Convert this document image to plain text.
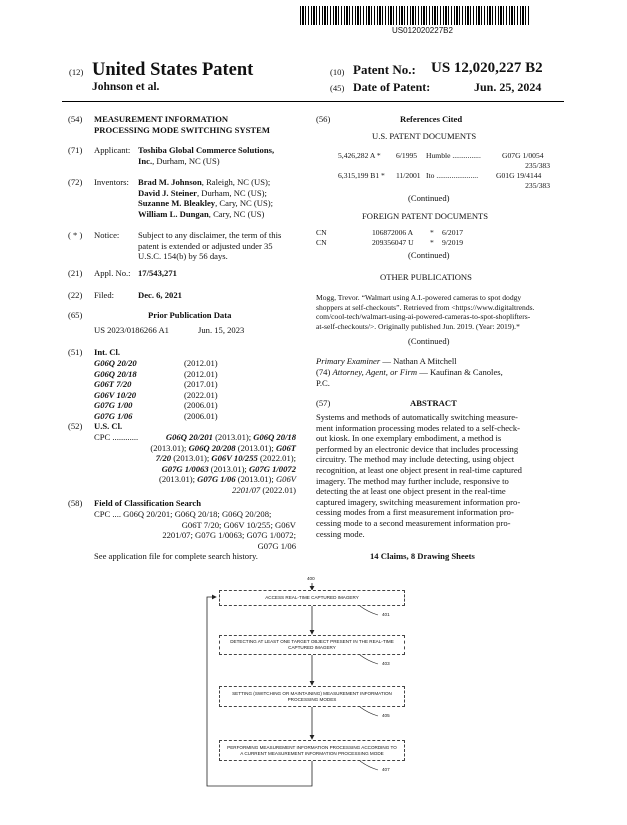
US012020227B2
(12) United States Patent
Johnson et al.
(10) Patent No.: US 12,020,227 B2
(45) Date of Patent:	Jun. 25, 2024
(54) MEASUREMENT INFORMATION
PROCESSING MODE SWITCHING SYSTEM
(71) Applicant: Toshiba Global Commerce Solutions,
Inc., Durham, NC (US)
(72) Inventors: Brad M. Johnson, Raleigh, NC (US);
David J. Steiner, Durham, NC (US);
Suzanne M. Bleakley, Cary, NC (US);
William L. Dungan, Cary, NC (US)
( * ) Notice: Subject to any disclaimer, the term of this
patent is extended or adjusted under 35
U.S.C. 154(b) by 56 days.
(21) Appl. No.: 17/543,271
(22) Filed:	Dec. 6, 2021
(65)	Prior Publication Data
US 2023/0186266 A1	Jun. 15, 2023
(51) Int. Cl.
G06Q 20/20	(2012.01)
G06Q 20/18	(2012.01)
G06T 7/20	(2017.01)
G06V 10/20	(2022.01)
G07G 1/00	(2006.01)
G07G 1/06	(2006.01)
(52) U.S. Cl.
CPC ............	G06Q 20/201 (2013.01); G06Q 20/18
(2013.01); G06Q 20/208 (2013.01); G06T
7/20 (2013.01); G06V 10/255 (2022.01);
G07G 1/0063 (2013.01); G07G 1/0072
(2013.01); G07G 1/06 (2013.01); G06V
2201/07 (2022.01)
(58) Field of Classification Search
CPC .... G06Q 20/201; G06Q 20/18; G06Q 20/208;
G06T 7/20; G06V 10/255; G06V
2201/07; G07G 1/0063; G07G 1/0072;
G07G 1/06
See application file for complete search history.
(56)	References Cited
U.S. PATENT DOCUMENTS
5,426,282 A * 6/1995 Humble ...............	G07G 1/0054
235/383
6,315,199 B1 * 11/2001 Ito ...................... G01G 19/4144
235/383
(Continued)
FOREIGN PATENT DOCUMENTS
CN	106872006 A * 6/2017
CN	209356047 U * 9/2019
(Continued)
OTHER PUBLICATIONS
Mogg, Trevor. “Walmart using A.I.-powered cameras to spot dodgy
shoppers at self-checkouts”. Retrieved from <https://www.digitaltrends.
com/cool-tech/walmart-using-ai-powered-cameras-to-spot-shoplifters-
at-self-checkouts/>. Originally published Jun. 2019. (Year: 2019).*
(Continued)
Primary Examiner — Nathan A Mitchell
(74) Attorney, Agent, or Firm — Kaufinan & Canoles,
P.C.
(57)	ABSTRACT
Systems and methods of automatically switching measure-
ment information processing modes related to a self-check-
out kiosk. In one exemplary embodiment, a method is
performed by an electronic device that includes processing
circuitry. The method may include detecting, using object
recognition, at least one object present in real-time captured
imagery. The method may further include, responsive to
detecting the at least one object present in the real-time
captured imagery, switching measurement information pro-
cessing modes from a first measurement information pro-
cessing mode to a second measurement information pro-
cessing mode.
14 Claims, 8 Drawing Sheets
400
ACCESS REAL-TIME CAPTURED IMAGERY
401
DETECTING AT LEAST ONE TARGET OBJECT PRESENT IN THE REAL-TIME CAPTURED IMAGERY
403
SETTING (SWITCHING OR MAINTAINING) MEASUREMENT INFORMATION PROCESSING MODES
405
PERFORMING MEASUREMENT INFORMATION PROCESSING ACCORDING TO A CURRENT MEASUREMENT INFORMATION PROCESSING MODE
407
